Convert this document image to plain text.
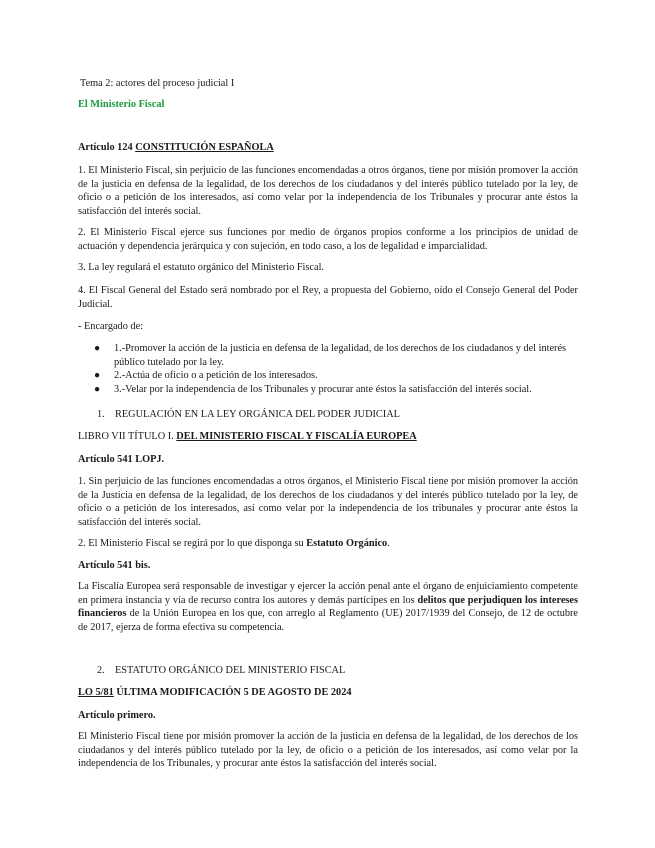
Tema 2: actores del proceso judicial I
El Ministerio Fiscal
Artículo 124 CONSTITUCIÓN ESPAÑOLA
1. El Ministerio Fiscal, sin perjuicio de las funciones encomendadas a otros órganos, tiene por misión promover la acción de la justicia en defensa de la legalidad, de los derechos de los ciudadanos y del interés público tutelado por la ley, de oficio o a petición de los interesados, así como velar por la independencia de los Tribunales y procurar ante éstos la satisfacción del interés social.
2. El Ministerio Fiscal ejerce sus funciones por medio de órganos propios conforme a los principios de unidad de actuación y dependencia jerárquica y con sujeción, en todo caso, a los de legalidad e imparcialidad.
3. La ley regulará el estatuto orgánico del Ministerio Fiscal.
4. El Fiscal General del Estado será nombrado por el Rey, a propuesta del Gobierno, oído el Consejo General del Poder Judicial.
- Encargado de:
● 1.-Promover la acción de la justicia en defensa de la legalidad, de los derechos de los ciudadanos y del interés público tutelado por la ley.
● 2.-Actúa de oficio o a petición de los interesados.
● 3.-Velar por la independencia de los Tribunales y procurar ante éstos la satisfacción del interés social.
1. REGULACIÓN EN LA LEY ORGÁNICA DEL PODER JUDICIAL
LIBRO VII TÍTULO I. DEL MINISTERIO FISCAL Y FISCALÍA EUROPEA
Artículo 541 LOPJ.
1. Sin perjuicio de las funciones encomendadas a otros órganos, el Ministerio Fiscal tiene por misión promover la acción de la Justicia en defensa de la legalidad, de los derechos de los ciudadanos y del interés público tutelado por la ley, de oficio o a petición de los interesados, así como velar por la independencia de los tribunales y procurar ante éstos la satisfacción del interés social.
2. El Ministerio Fiscal se regirá por lo que disponga su Estatuto Orgánico.
Artículo 541 bis.
La Fiscalía Europea será responsable de investigar y ejercer la acción penal ante el órgano de enjuiciamiento competente en primera instancia y vía de recurso contra los autores y demás partícipes en los delitos que perjudiquen los intereses financieros de la Unión Europea en los que, con arreglo al Reglamento (UE) 2017/1939 del Consejo, de 12 de octubre de 2017, ejerza de forma efectiva su competencia.
2. ESTATUTO ORGÁNICO DEL MINISTERIO FISCAL
LO 5/81 ÚLTIMA MODIFICACIÓN 5 DE AGOSTO DE 2024
Artículo primero.
El Ministerio Fiscal tiene por misión promover la acción de la justicia en defensa de la legalidad, de los derechos de los ciudadanos y del interés público tutelado por la ley, de oficio o a petición de los interesados, así como velar por la independencia de los Tribunales, y procurar ante éstos la satisfacción del interés social.
